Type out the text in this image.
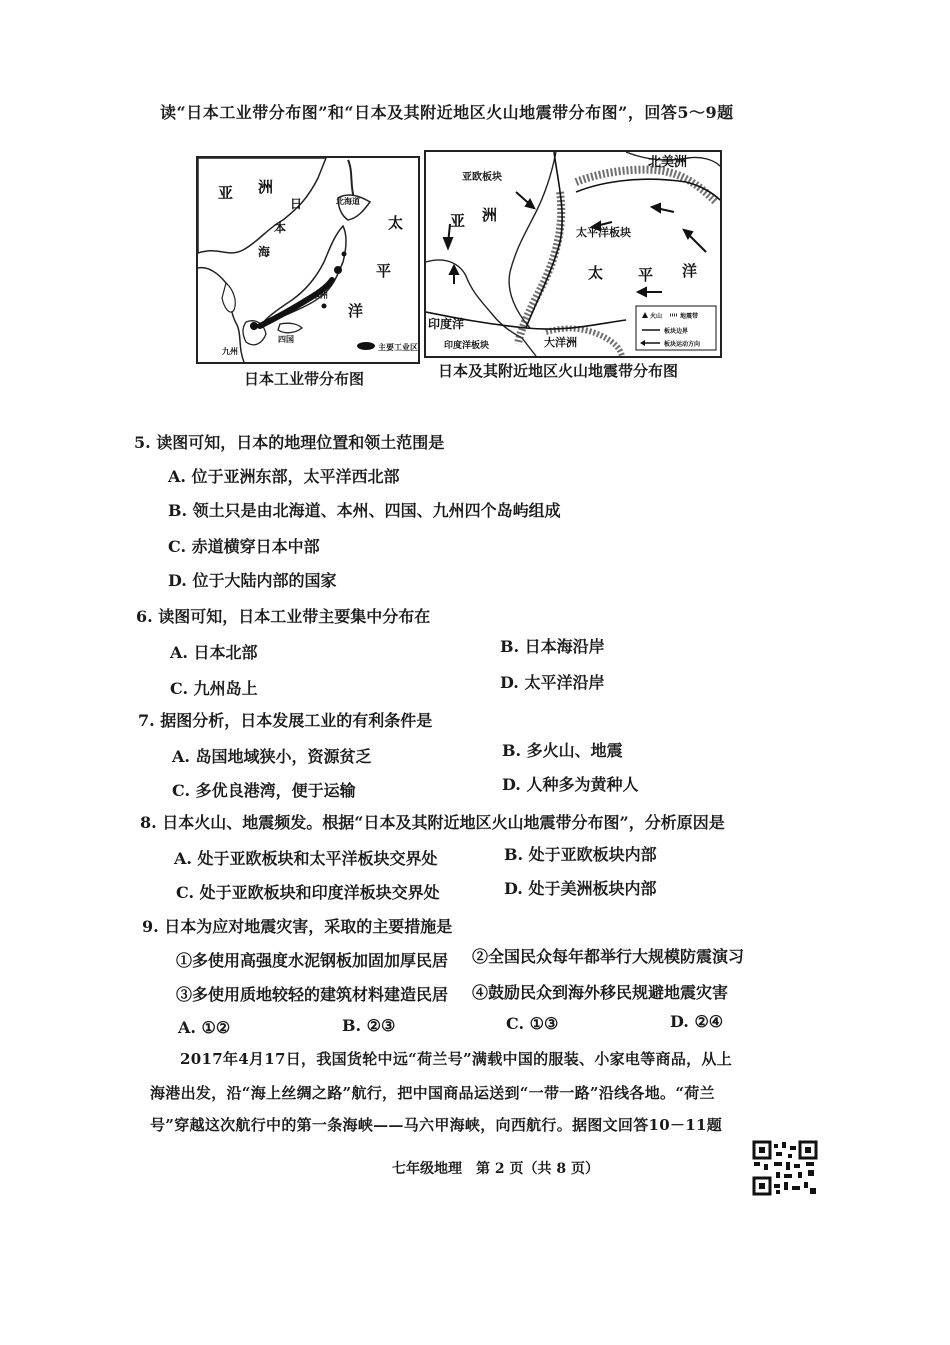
读“日本工业带分布图”和“日本及其附近地区火山地震带分布图”，回答5～9题
亚 洲
日
本
海
太
平
洋
北海道
本州
四国
九州	主要工业区
亚欧板块
北美洲
亚 洲
太平洋板块
太 平 洋
印度洋
印度洋板块	大洋洲
火山	地震带
板块边界
板块运动方向
日本工业带分布图	日本及其附近地区火山地震带分布图
5. 读图可知，日本的地理位置和领土范围是
A. 位于亚洲东部，太平洋西北部
B. 领土只是由北海道、本州、四国、九州四个岛屿组成
C. 赤道横穿日本中部
D. 位于大陆内部的国家
6. 读图可知，日本工业带主要集中分布在
A. 日本北部	B. 日本海沿岸
C. 九州岛上	D. 太平洋沿岸
7. 据图分析，日本发展工业的有利条件是
A. 岛国地域狭小，资源贫乏	B. 多火山、地震
C. 多优良港湾，便于运输	D. 人种多为黄种人
8. 日本火山、地震频发。根据“日本及其附近地区火山地震带分布图”，分析原因是
A. 处于亚欧板块和太平洋板块交界处	B. 处于亚欧板块内部
C. 处于亚欧板块和印度洋板块交界处	D. 处于美洲板块内部
9. 日本为应对地震灾害，采取的主要措施是
①多使用高强度水泥钢板加固加厚民居 ②全国民众每年都举行大规模防震演习
③多使用质地较轻的建筑材料建造民居 ④鼓励民众到海外移民规避地震灾害
A. ①②	B. ②③	C. ①③	D. ②④
2017年4月17日，我国货轮中远“荷兰号”满载中国的服装、小家电等商品，从上
海港出发，沿“海上丝绸之路”航行，把中国商品运送到“一带一路”沿线各地。“荷兰
号”穿越这次航行中的第一条海峡——马六甲海峡，向西航行。据图文回答10－11题
七年级地理　第 2 页（共 8 页）
